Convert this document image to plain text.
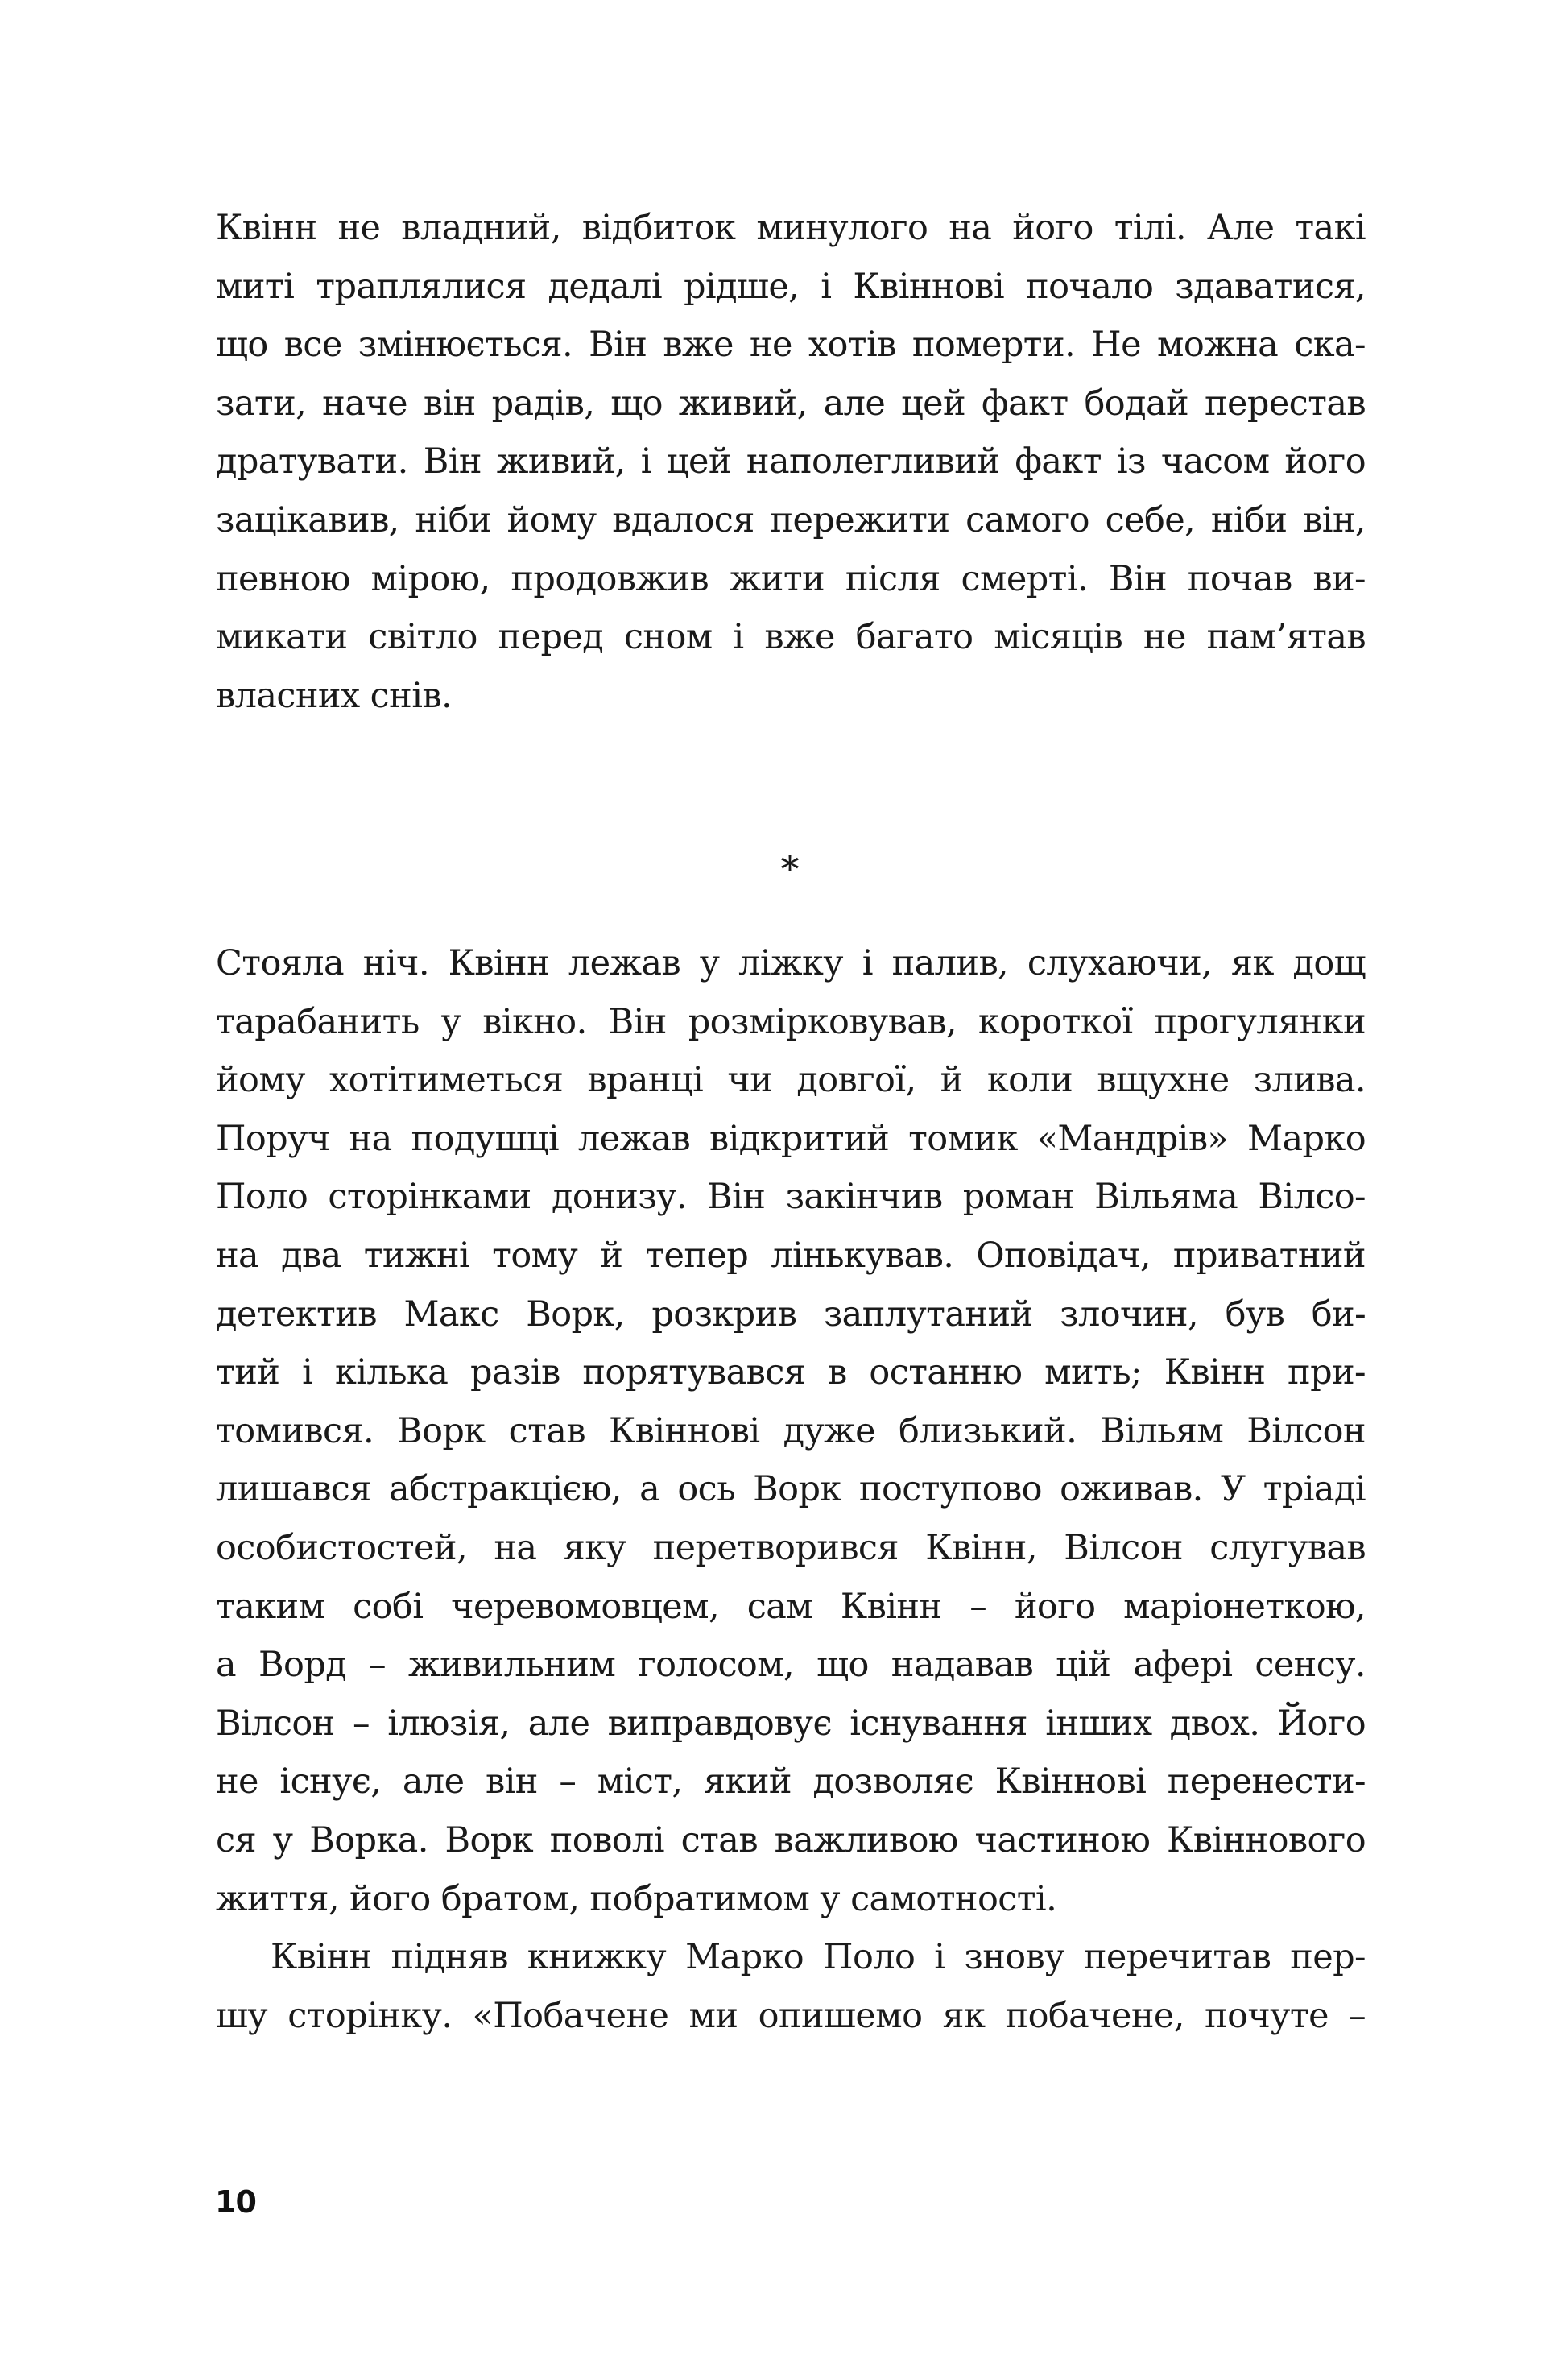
Квінн не владний, відбиток минулого на його тілі. Але такі
миті траплялися дедалі рідше, і Квіннові почало здаватися,
що все змінюється. Він вже не хотів померти. Не можна ска-
зати, наче він радів, що живий, але цей факт бодай перестав
дратувати. Він живий, і цей наполегливий факт із часом його
зацікавив, ніби йому вдалося пережити самого себе, ніби він,
певною мірою, продовжив жити після смерті. Він почав ви-
микати світло перед сном і вже багато місяців не пам’ятав
власних снів.
*
Стояла ніч. Квінн лежав у ліжку і палив, слухаючи, як дощ
тарабанить у вікно. Він розмірковував, короткої прогулянки
йому хотітиметься вранці чи довгої, й коли вщухне злива.
Поруч на подушці лежав відкритий томик «Мандрів» Марко
Поло сторінками донизу. Він закінчив роман Вільяма Вілсо-
на два тижні тому й тепер лінькував. Оповідач, приватний
детектив Макс Ворк, розкрив заплутаний злочин, був би-
тий і кілька разів порятувався в останню мить; Квінн при-
томився. Ворк став Квіннові дуже близький. Вільям Вілсон
лишався абстракцією, а ось Ворк поступово оживав. У тріаді
особистостей, на яку перетворився Квінн, Вілсон слугував
таким собі черевомовцем, сам Квінн – його маріонеткою,
а Ворд – живильним голосом, що надавав цій афері сенсу.
Вілсон – ілюзія, але виправдовує існування інших двох. Його
не існує, але він – міст, який дозволяє Квіннові перенести-
ся у Ворка. Ворк поволі став важливою частиною Квіннового
життя, його братом, побратимом у самотності.
Квінн підняв книжку Марко Поло і знову перечитав пер-
шу сторінку. «Побачене ми опишемо як побачене, почуте –
10
